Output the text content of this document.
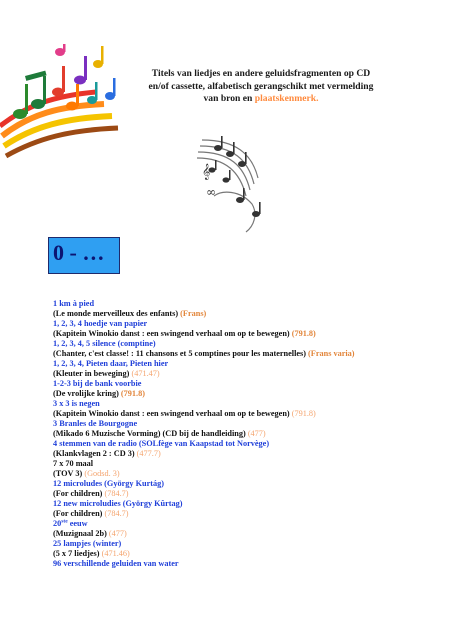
Titels van liedjes en andere geluidsfragmenten op CD
en/of cassette, alfabetisch gerangschikt met vermelding
van bron en plaatskenmerk.
𝄞
∞
0 - …
1 km à pied
(Le monde merveilleux des enfants) (Frans)
1, 2, 3, 4 hoedje van papier
(Kapitein Winokio danst : een swingend verhaal om op te bewegen) (791.8)
1, 2, 3, 4, 5 silence (comptine)
(Chanter, c'est classe! : 11 chansons et 5 comptines pour les maternelles) (Frans varia)
1, 2, 3, 4, Pieten daar, Pieten hier
(Kleuter in beweging) (471.47)
1-2-3 bij de bank voorbie
(De vrolijke kring) (791.8)
3 x 3 is negen
(Kapitein Winokio danst : een swingend verhaal om op te bewegen) (791.8)
3 Branles de Bourgogne
(Mikado 6 Muzische Vorming) (CD bij de handleiding) (477)
4 stemmen van de radio (SOLfège van Kaapstad tot Norvège)
(Klankvlagen 2 : CD 3) (477.7)
7 x 70 maal
(TOV 3) (Godsd. 3)
12 microludes (György Kurtág)
(For children) (784.7)
12 new microludies (György Kûrtag)
(For children) (784.7)
20ste eeuw
(Muzignaal 2b) (477)
25 lampjes (winter)
(5 x 7 liedjes) (471.46)
96 verschillende geluiden van water
